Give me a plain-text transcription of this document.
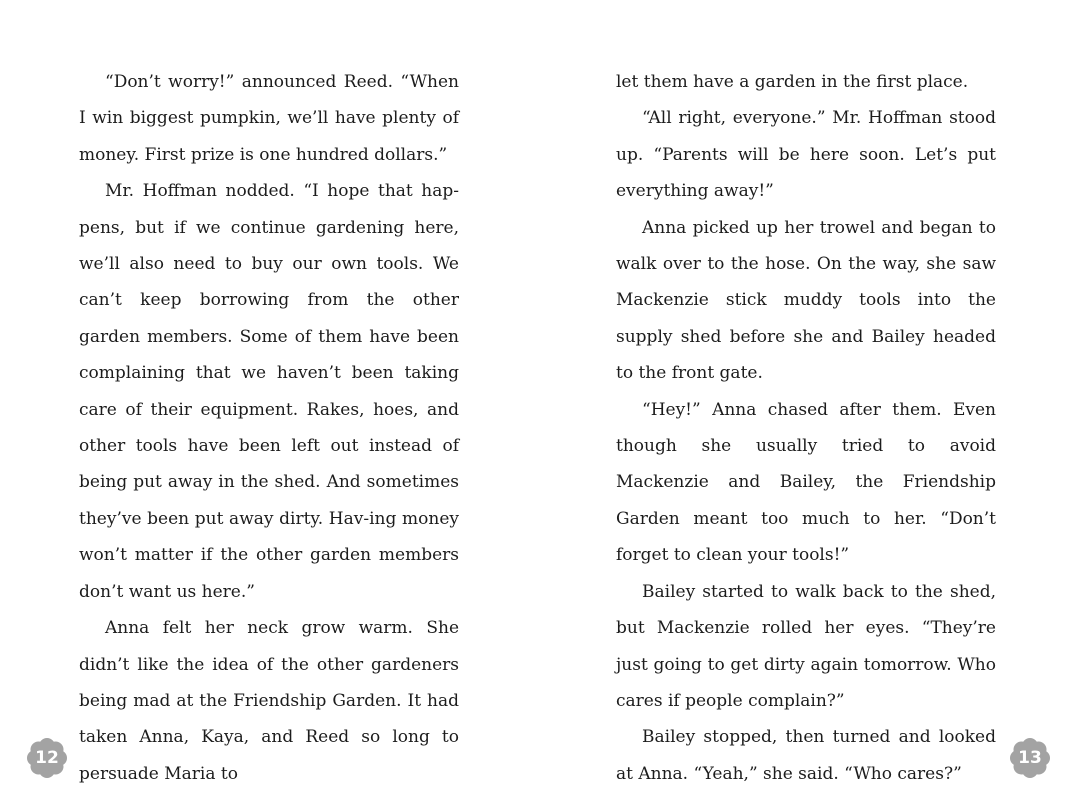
“Don’t worry!” announced Reed. “When I win biggest pumpkin, we’ll have plenty of money. First prize is one hundred dollars.”

Mr. Hoffman nodded. “I hope that hap-pens, but if we continue gardening here, we’ll also need to buy our own tools. We can’t keep borrowing from the other garden members. Some of them have been complaining that we haven’t been taking care of their equipment. Rakes, hoes, and other tools have been left out instead of being put away in the shed. And sometimes they’ve been put away dirty. Hav-ing money won’t matter if the other garden members don’t want us here.”

Anna felt her neck grow warm. She didn’t like the idea of the other gardeners being mad at the Friendship Garden. It had taken Anna, Kaya, and Reed so long to persuade Maria to

let them have a garden in the first place.

“All right, everyone.” Mr. Hoffman stood up. “Parents will be here soon. Let’s put everything away!”

Anna picked up her trowel and began to walk over to the hose. On the way, she saw Mackenzie stick muddy tools into the supply shed before she and Bailey headed to the front gate.

“Hey!” Anna chased after them. Even though she usually tried to avoid Mackenzie and Bailey, the Friendship Garden meant too much to her. “Don’t forget to clean your tools!”

Bailey started to walk back to the shed, but Mackenzie rolled her eyes. “They’re just going to get dirty again tomorrow. Who cares if people complain?”

Bailey stopped, then turned and looked at Anna. “Yeah,” she said. “Who cares?”

12	13
